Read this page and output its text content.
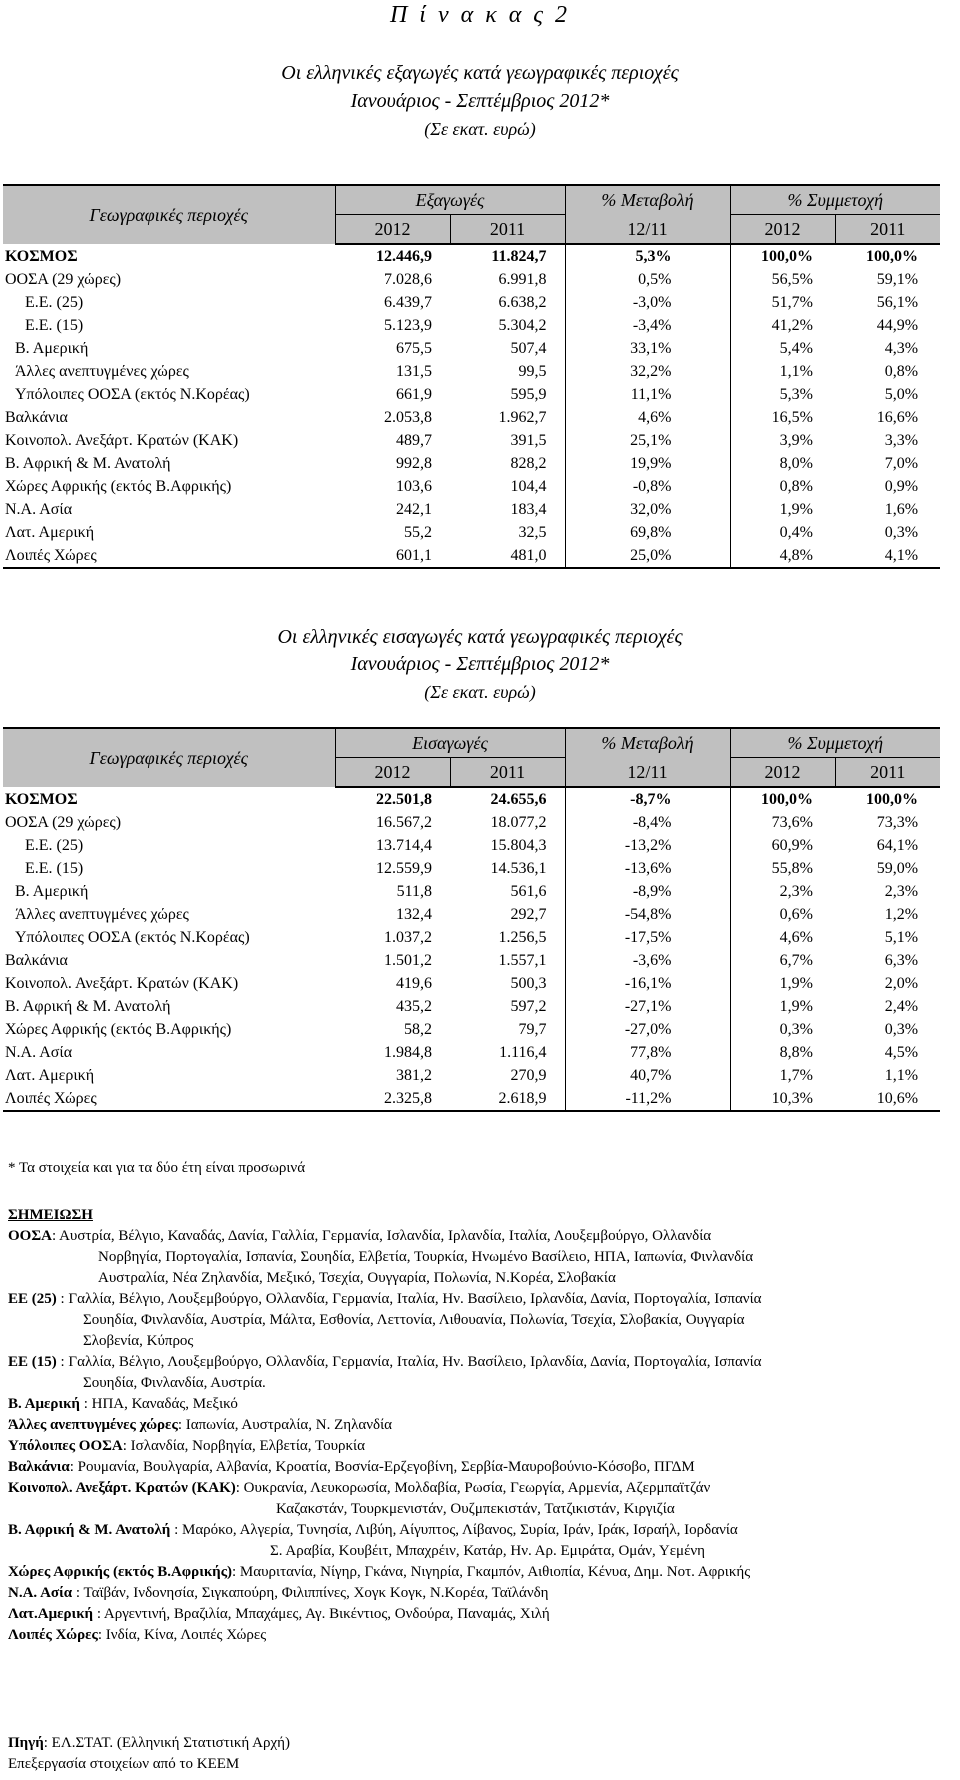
Π ί ν α κ α ς 2
Οι ελληνικές εξαγωγές κατά γεωγραφικές περιοχές
Ιανουάριος - Σεπτέμβριος 2012*
(Σε εκατ. ευρώ)
Γεωγραφικές περιοχές	Εξαγωγές		% Μεταβολή	% Συμμετοχή	
	2012	2011	12/11	2012	2011
ΚΟΣΜΟΣ	12.446,9	11.824,7	5,3%	100,0%	100,0%
ΟΟΣΑ (29 χώρες)	7.028,6	6.991,8	0,5%	56,5%	59,1%
Ε.Ε. (25)	6.439,7	6.638,2	-3,0%	51,7%	56,1%
Ε.Ε. (15)	5.123,9	5.304,2	-3,4%	41,2%	44,9%
Β. Αμερική	675,5	507,4	33,1%	5,4%	4,3%
Άλλες ανεπτυγμένες χώρες	131,5	99,5	32,2%	1,1%	0,8%
Υπόλοιπες ΟΟΣΑ (εκτός Ν.Κορέας)	661,9	595,9	11,1%	5,3%	5,0%
Βαλκάνια	2.053,8	1.962,7	4,6%	16,5%	16,6%
Κοινοπολ. Ανεξάρτ. Κρατών (ΚΑΚ)	489,7	391,5	25,1%	3,9%	3,3%
Β. Αφρική & Μ. Ανατολή	992,8	828,2	19,9%	8,0%	7,0%
Χώρες Αφρικής (εκτός Β.Αφρικής)	103,6	104,4	-0,8%	0,8%	0,9%
Ν.Α. Ασία	242,1	183,4	32,0%	1,9%	1,6%
Λατ. Αμερική	55,2	32,5	69,8%	0,4%	0,3%
Λοιπές Χώρες	601,1	481,0	25,0%	4,8%	4,1%
Οι ελληνικές εισαγωγές κατά γεωγραφικές περιοχές
Ιανουάριος - Σεπτέμβριος 2012*
(Σε εκατ. ευρώ)
Γεωγραφικές περιοχές	Εισαγωγές		% Μεταβολή	% Συμμετοχή	
	2012	2011	12/11	2012	2011
ΚΟΣΜΟΣ	22.501,8	24.655,6	-8,7%	100,0%	100,0%
ΟΟΣΑ (29 χώρες)	16.567,2	18.077,2	-8,4%	73,6%	73,3%
Ε.Ε. (25)	13.714,4	15.804,3	-13,2%	60,9%	64,1%
Ε.Ε. (15)	12.559,9	14.536,1	-13,6%	55,8%	59,0%
Β. Αμερική	511,8	561,6	-8,9%	2,3%	2,3%
Άλλες ανεπτυγμένες χώρες	132,4	292,7	-54,8%	0,6%	1,2%
Υπόλοιπες ΟΟΣΑ (εκτός Ν.Κορέας)	1.037,2	1.256,5	-17,5%	4,6%	5,1%
Βαλκάνια	1.501,2	1.557,1	-3,6%	6,7%	6,3%
Κοινοπολ. Ανεξάρτ. Κρατών (ΚΑΚ)	419,6	500,3	-16,1%	1,9%	2,0%
Β. Αφρική & Μ. Ανατολή	435,2	597,2	-27,1%	1,9%	2,4%
Χώρες Αφρικής (εκτός Β.Αφρικής)	58,2	79,7	-27,0%	0,3%	0,3%
Ν.Α. Ασία	1.984,8	1.116,4	77,8%	8,8%	4,5%
Λατ. Αμερική	381,2	270,9	40,7%	1,7%	1,1%
Λοιπές Χώρες	2.325,8	2.618,9	-11,2%	10,3%	10,6%
* Τα στοιχεία και για τα δύο έτη είναι προσωρινά
ΣΗΜΕΙΩΣΗ
ΟΟΣΑ: Αυστρία, Βέλγιο, Καναδάς, Δανία, Γαλλία, Γερμανία, Ισλανδία, Ιρλανδία, Ιταλία, Λουξεμβούργο, Ολλανδία
Νορβηγία, Πορτογαλία, Ισπανία, Σουηδία, Ελβετία, Τουρκία, Ηνωμένο Βασίλειο, ΗΠΑ, Ιαπωνία, Φινλανδία
Αυστραλία, Νέα Ζηλανδία, Μεξικό, Τσεχία, Ουγγαρία, Πολωνία, Ν.Κορέα, Σλοβακία
ΕΕ (25) : Γαλλία, Βέλγιο, Λουξεμβούργο, Ολλανδία, Γερμανία, Ιταλία, Ην. Βασίλειο, Ιρλανδία, Δανία, Πορτογαλία, Ισπανία
Σουηδία, Φινλανδία, Αυστρία, Μάλτα, Εσθονία, Λεττονία, Λιθουανία, Πολωνία, Τσεχία, Σλοβακία, Ουγγαρία
Σλοβενία, Κύπρος
ΕΕ (15) : Γαλλία, Βέλγιο, Λουξεμβούργο, Ολλανδία, Γερμανία, Ιταλία, Ην. Βασίλειο, Ιρλανδία, Δανία, Πορτογαλία, Ισπανία
Σουηδία, Φινλανδία, Αυστρία.
Β. Αμερική : ΗΠΑ, Καναδάς, Μεξικό
Άλλες ανεπτυγμένες χώρες: Ιαπωνία, Αυστραλία, Ν. Ζηλανδία
Υπόλοιπες ΟΟΣΑ: Ισλανδία, Νορβηγία, Ελβετία, Τουρκία
Βαλκάνια: Ρουμανία, Βουλγαρία, Αλβανία, Κροατία, Βοσνία-Ερζεγοβίνη, Σερβία-Μαυροβούνιο-Κόσοβο, ΠΓΔΜ
Κοινοπολ. Ανεξάρτ. Κρατών (ΚΑΚ): Ουκρανία, Λευκορωσία, Μολδαβία, Ρωσία, Γεωργία, Αρμενία, Αζερμπαϊτζάν
Καζακστάν, Τουρκμενιστάν, Ουζμπεκιστάν, Τατζικιστάν, Κιργιζία
Β. Αφρική & Μ. Ανατολή : Μαρόκο, Αλγερία, Τυνησία, Λιβύη, Αίγυπτος, Λίβανος, Συρία, Ιράν, Ιράκ, Ισραήλ, Ιορδανία
Σ. Αραβία, Κουβέιτ, Μπαχρέιν, Κατάρ, Ην. Αρ. Εμιράτα, Ομάν, Υεμένη
Χώρες Αφρικής (εκτός Β.Αφρικής): Μαυριτανία, Νίγηρ, Γκάνα, Νιγηρία, Γκαμπόν, Αιθιοπία, Κένυα, Δημ. Νοτ. Αφρικής
Ν.Α. Ασία : Ταϊβάν, Ινδονησία, Σιγκαπούρη, Φιλιππίνες, Χογκ Κογκ, Ν.Κορέα, Ταϊλάνδη
Λατ.Αμερική : Αργεντινή, Βραζιλία, Μπαχάμες, Αγ. Βικέντιος, Ονδούρα, Παναμάς, Χιλή
Λοιπές Χώρες: Ινδία, Κίνα, Λοιπές Χώρες
Πηγή: ΕΛ.ΣΤΑΤ. (Ελληνική Στατιστική Αρχή)
Επεξεργασία στοιχείων από το ΚΕΕΜ
